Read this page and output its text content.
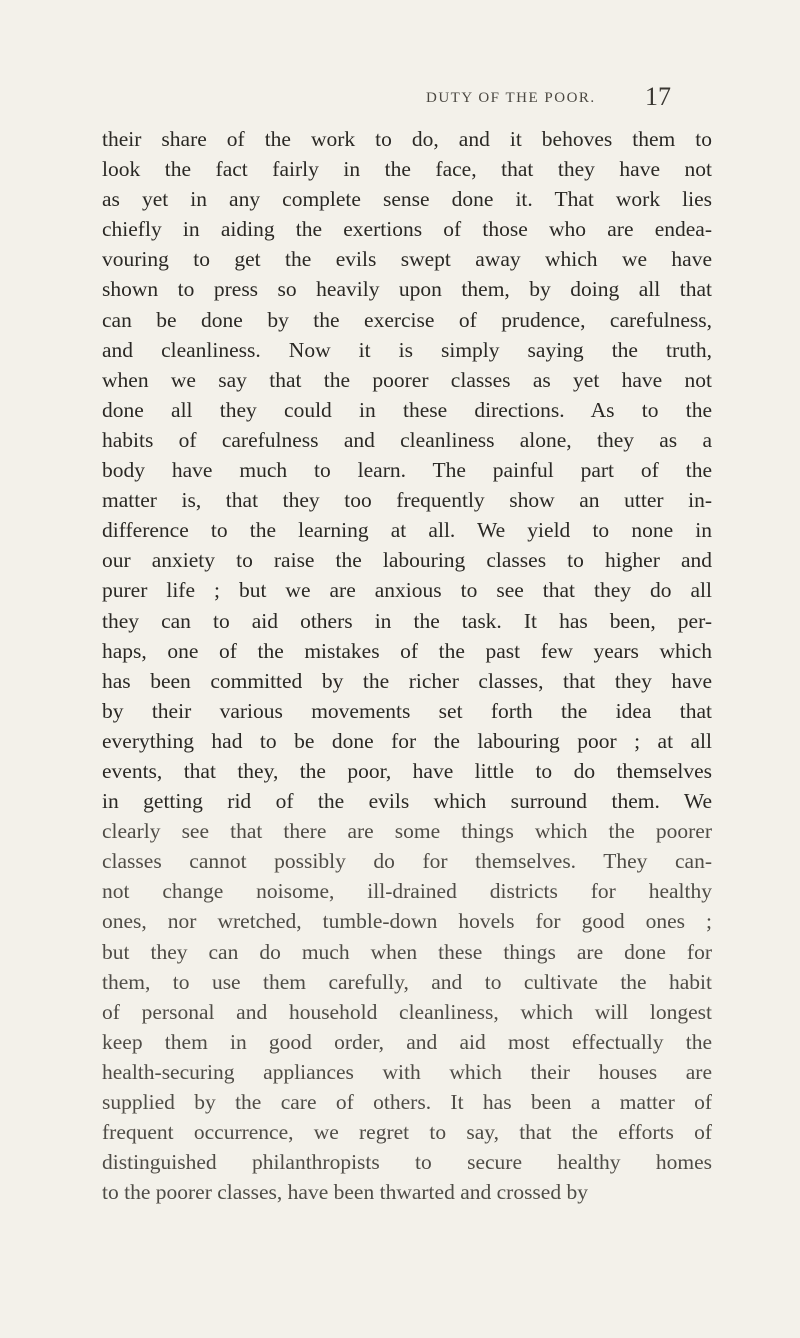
DUTY OF THE POOR. 17
their share of the work to do, and it behoves them to
look the fact fairly in the face, that they have not
as yet in any complete sense done it. That work lies
chiefly in aiding the exertions of those who are endea-
vouring to get the evils swept away which we have
shown to press so heavily upon them, by doing all that
can be done by the exercise of prudence, carefulness,
and cleanliness. Now it is simply saying the truth,
when we say that the poorer classes as yet have not
done all they could in these directions. As to the
habits of carefulness and cleanliness alone, they as a
body have much to learn. The painful part of the
matter is, that they too frequently show an utter in-
difference to the learning at all. We yield to none in
our anxiety to raise the labouring classes to higher and
purer life ; but we are anxious to see that they do all
they can to aid others in the task. It has been, per-
haps, one of the mistakes of the past few years which
has been committed by the richer classes, that they have
by their various movements set forth the idea that
everything had to be done for the labouring poor ; at all
events, that they, the poor, have little to do themselves
in getting rid of the evils which surround them. We
clearly see that there are some things which the poorer
classes cannot possibly do for themselves. They can-
not change noisome, ill-drained districts for healthy
ones, nor wretched, tumble-down hovels for good ones ;
but they can do much when these things are done for
them, to use them carefully, and to cultivate the habit
of personal and household cleanliness, which will longest
keep them in good order, and aid most effectually the
health-securing appliances with which their houses are
supplied by the care of others. It has been a matter of
frequent occurrence, we regret to say, that the efforts of
distinguished philanthropists to secure healthy homes
to the poorer classes, have been thwarted and crossed by
